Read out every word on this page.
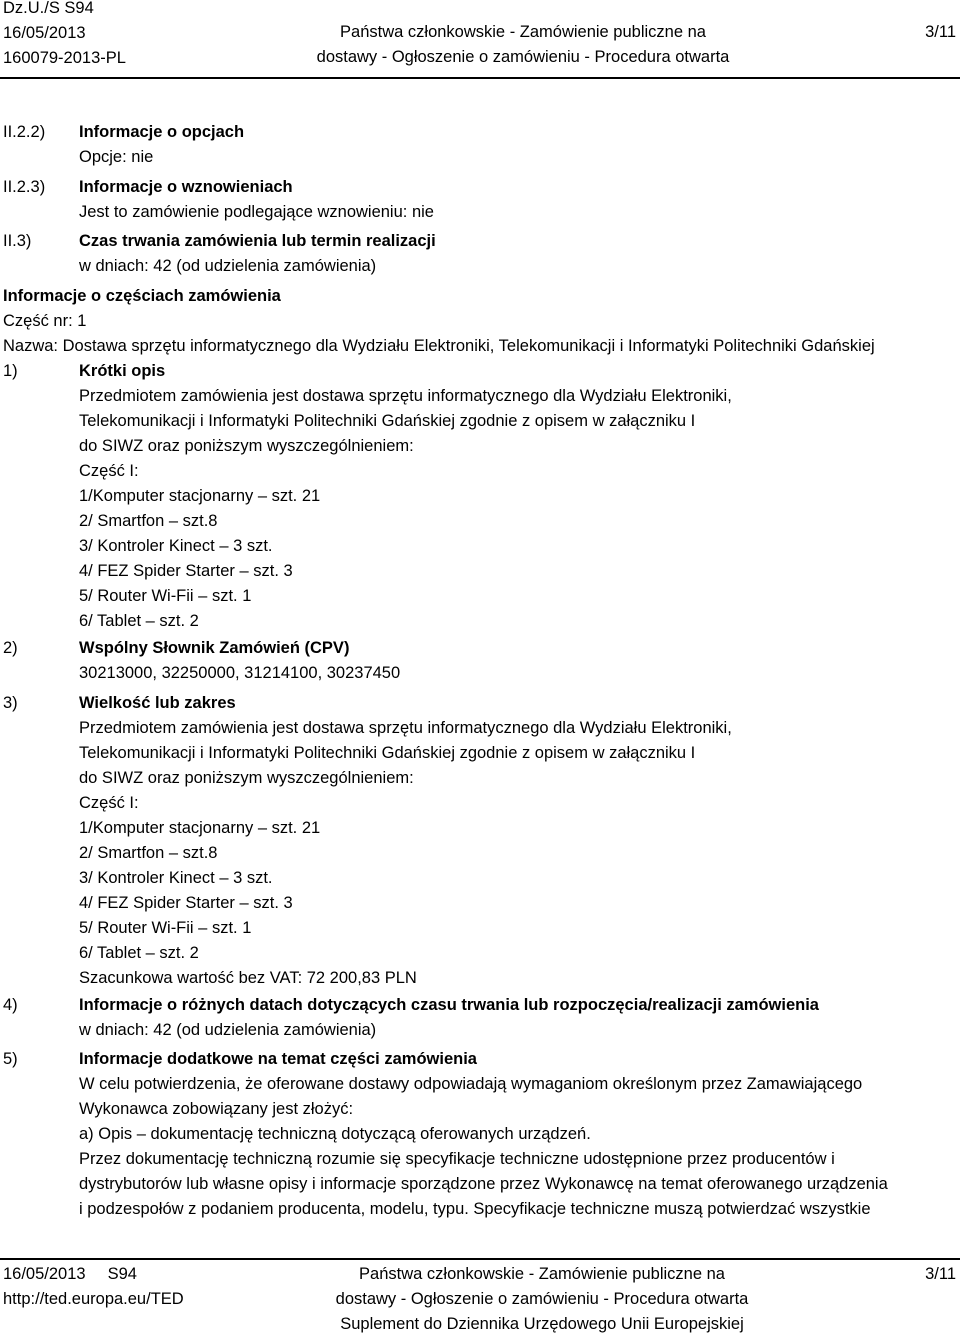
Dz.U./S S94
16/05/2013
160079-2013-PL
Państwa członkowskie - Zamówienie publiczne na
dostawy - Ogłoszenie o zamówieniu - Procedura otwarta
3/11
II.2.2) Informacje o opcjach
Opcje: nie
II.2.3) Informacje o wznowieniach
Jest to zamówienie podlegające wznowieniu: nie
II.3)	Czas trwania zamówienia lub termin realizacji
w dniach: 42 (od udzielenia zamówienia)
Informacje o częściach zamówienia
Część nr: 1
Nazwa: Dostawa sprzętu informatycznego dla Wydziału Elektroniki, Telekomunikacji i Informatyki Politechniki Gdańskiej
1)	Krótki opis
Przedmiotem zamówienia jest dostawa sprzętu informatycznego dla Wydziału Elektroniki,
Telekomunikacji i Informatyki Politechniki Gdańskiej zgodnie z opisem w załączniku I
do SIWZ oraz poniższym wyszczególnieniem:
Część I:
1/Komputer stacjonarny – szt. 21
2/ Smartfon – szt.8
3/ Kontroler Kinect – 3 szt.
4/ FEZ Spider Starter – szt. 3
5/ Router Wi-Fii – szt. 1
6/ Tablet – szt. 2
2)	Wspólny Słownik Zamówień (CPV)
30213000, 32250000, 31214100, 30237450
3)	Wielkość lub zakres
Przedmiotem zamówienia jest dostawa sprzętu informatycznego dla Wydziału Elektroniki,
Telekomunikacji i Informatyki Politechniki Gdańskiej zgodnie z opisem w załączniku I
do SIWZ oraz poniższym wyszczególnieniem:
Część I:
1/Komputer stacjonarny – szt. 21
2/ Smartfon – szt.8
3/ Kontroler Kinect – 3 szt.
4/ FEZ Spider Starter – szt. 3
5/ Router Wi-Fii – szt. 1
6/ Tablet – szt. 2
Szacunkowa wartość bez VAT: 72 200,83 PLN
4)	Informacje o różnych datach dotyczących czasu trwania lub rozpoczęcia/realizacji zamówienia
w dniach: 42 (od udzielenia zamówienia)
5)	Informacje dodatkowe na temat części zamówienia
W celu potwierdzenia, że oferowane dostawy odpowiadają wymaganiom określonym przez Zamawiającego
Wykonawca zobowiązany jest złożyć:
a) Opis – dokumentację techniczną dotyczącą oferowanych urządzeń.
Przez dokumentację techniczną rozumie się specyfikacje techniczne udostępnione przez producentów i
dystrybutorów lub własne opisy i informacje sporządzone przez Wykonawcę na temat oferowanego urządzenia
i podzespołów z podaniem producenta, modelu, typu. Specyfikacje techniczne muszą potwierdzać wszystkie
16/05/2013 S94
http://ted.europa.eu/TED
Państwa członkowskie - Zamówienie publiczne na
dostawy - Ogłoszenie o zamówieniu - Procedura otwarta
Suplement do Dziennika Urzędowego Unii Europejskiej
3/11
